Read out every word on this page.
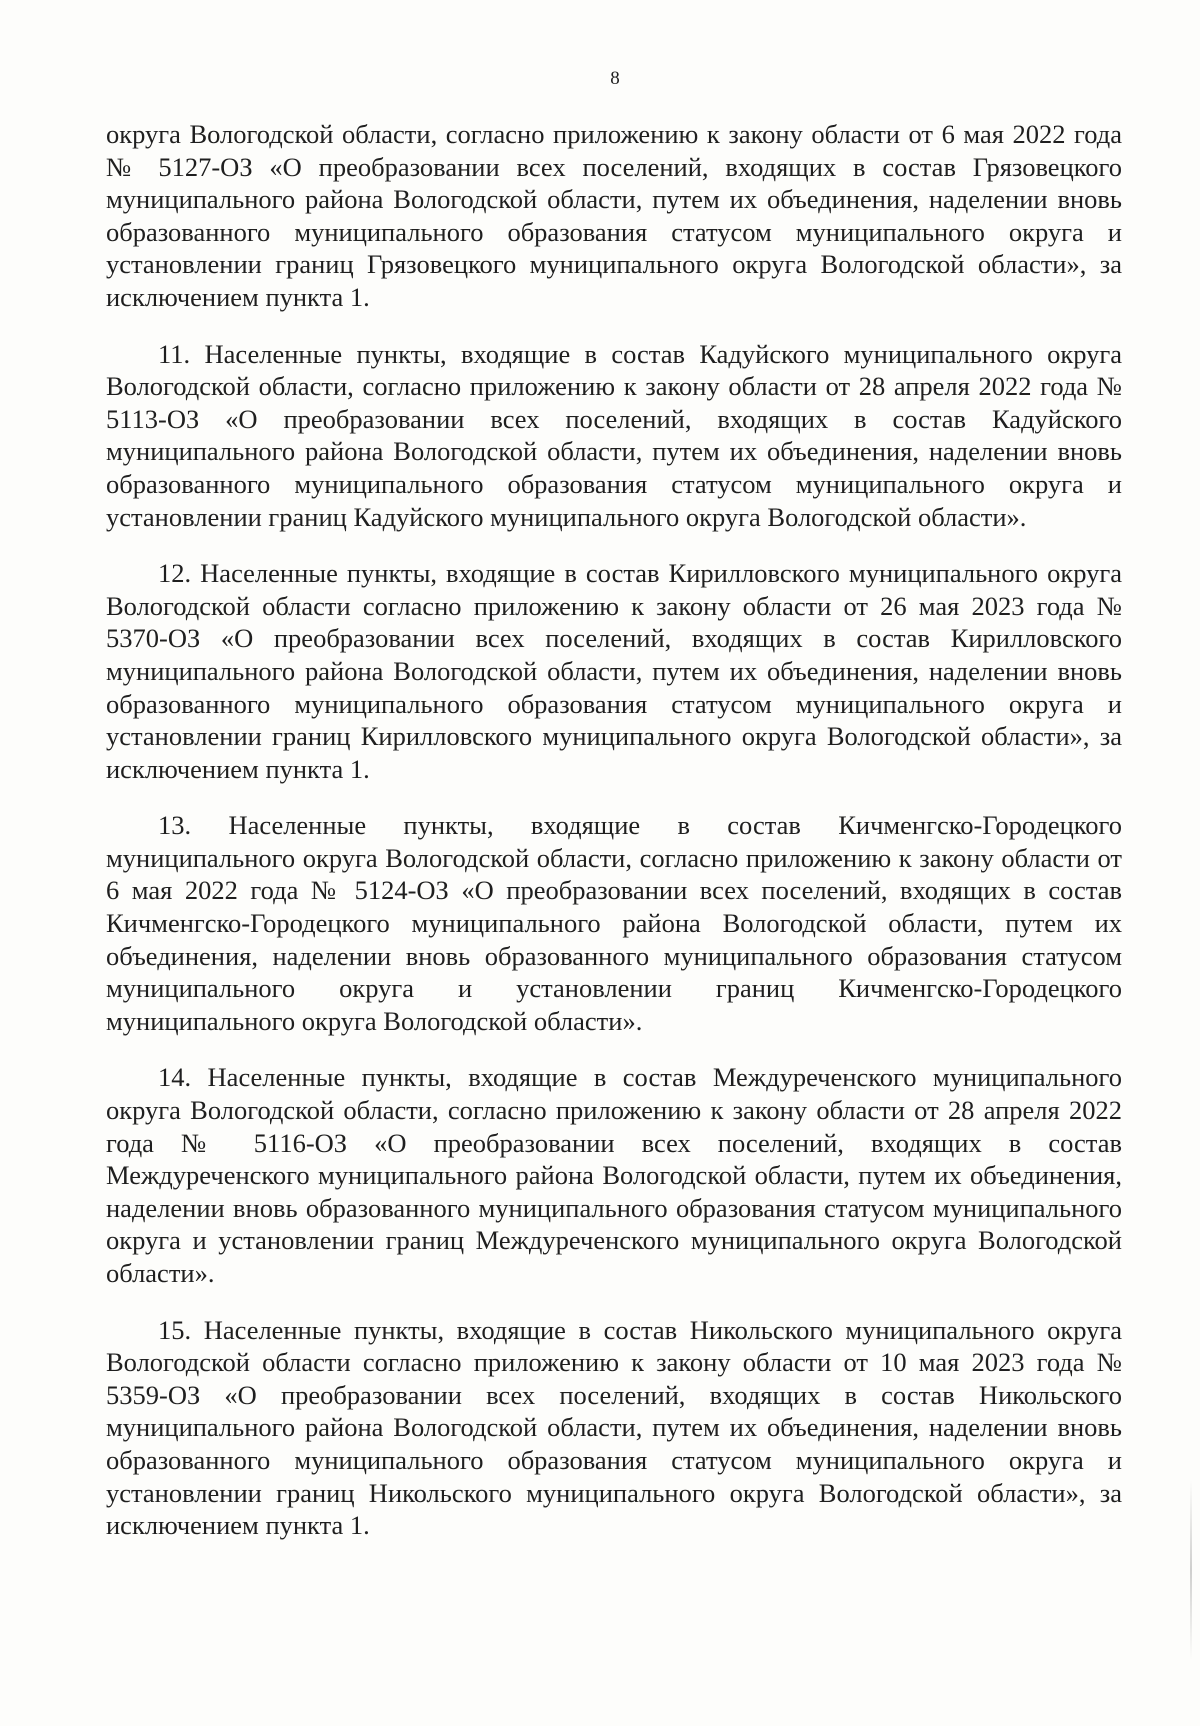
8

округа Вологодской области, согласно приложению к закону области от 6 мая 2022 года № 5127-ОЗ «О преобразовании всех поселений, входящих в состав Грязовецкого муниципального района Вологодской области, путем их объединения, наделении вновь образованного муниципального образования статусом муниципального округа и установлении границ Грязовецкого муниципального округа Вологодской области», за исключением пункта 1.

11. Населенные пункты, входящие в состав Кадуйского муниципального округа Вологодской области, согласно приложению к закону области от 28 апреля 2022 года № 5113-ОЗ «О преобразовании всех поселений, входящих в состав Кадуйского муниципального района Вологодской области, путем их объединения, наделении вновь образованного муниципального образования статусом муниципального округа и установлении границ Кадуйского муниципального округа Вологодской области».

12. Населенные пункты, входящие в состав Кирилловского муниципального округа Вологодской области согласно приложению к закону области от 26 мая 2023 года № 5370-ОЗ «О преобразовании всех поселений, входящих в состав Кирилловского муниципального района Вологодской области, путем их объединения, наделении вновь образованного муниципального образования статусом муниципального округа и установлении границ Кирилловского муниципального округа Вологодской области», за исключением пункта 1.

13. Населенные пункты, входящие в состав Кичменгско-Городецкого муниципального округа Вологодской области, согласно приложению к закону области от 6 мая 2022 года № 5124-ОЗ «О преобразовании всех поселений, входящих в состав Кичменгско-Городецкого муниципального района Вологодской области, путем их объединения, наделении вновь образованного муниципального образования статусом муниципального округа и установлении границ Кичменгско-Городецкого муниципального округа Вологодской области».

14. Населенные пункты, входящие в состав Междуреченского муниципального округа Вологодской области, согласно приложению к закону области от 28 апреля 2022 года № 5116-ОЗ «О преобразовании всех поселений, входящих в состав Междуреченского муниципального района Вологодской области, путем их объединения, наделении вновь образованного муниципального образования статусом муниципального округа и установлении границ Междуреченского муниципального округа Вологодской области».

15. Населенные пункты, входящие в состав Никольского муниципального округа Вологодской области согласно приложению к закону области от 10 мая 2023 года № 5359-ОЗ «О преобразовании всех поселений, входящих в состав Никольского муниципального района Вологодской области, путем их объединения, наделении вновь образованного муниципального образования статусом муниципального округа и установлении границ Никольского муниципального округа Вологодской области», за исключением пункта 1.
